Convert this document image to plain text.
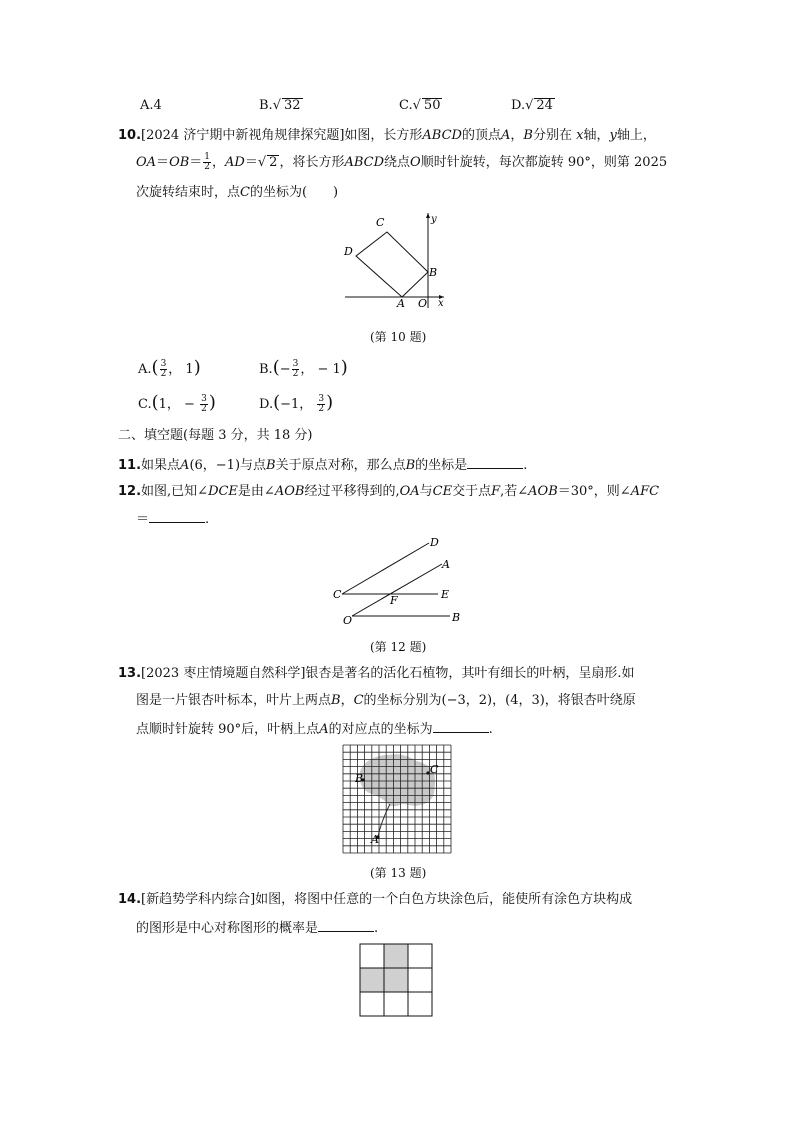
A.4	B.√ 32	C.√ 50	D.√ 24
10.[2024 济宁期中新视角规律探究题]如图，长方形ABCD的顶点A，B分别在 x轴，y轴上，
$OA=OB= \frac{1}{2}$ ，AD＝√ 2 ，将长方形ABCD绕点O顺时针旋转，每次都旋转 90°，则第 2025
次旋转结束时，点C的坐标为(　　)
C
D
B
A O x
y
(第 10 题)
$A.( \frac{3}{2}$ ， 1)	$B.(- \frac{3}{2}$ ， − 1)
C.(1， − $\frac{3}{2}$ )	D.(−1， $\frac{3}{2}$ )
二、填空题(每题 3 分，共 18 分)
11.如果点A(6，−1)与点B关于原点对称，那么点B的坐标是	.
12.如图,已知∠DCE是由∠AOB经过平移得到的,OA与CE交于点F,若∠AOB＝30°，则∠AFC
＝	.
D
A
C	F	E
O	B
(第 12 题)
13.[2023 枣庄情境题自然科学]银杏是著名的活化石植物，其叶有细长的叶柄，呈扇形.如
图是一片银杏叶标本，叶片上两点B，C的坐标分别为(−3，2)，(4，3)，将银杏叶绕原
点顺时针旋转 90°后，叶柄上点A的对应点的坐标为	.
B
C
A
(第 13 题)
14.[新趋势学科内综合]如图，将图中任意的一个白色方块涂色后，能使所有涂色方块构成
的图形是中心对称图形的概率是	.
